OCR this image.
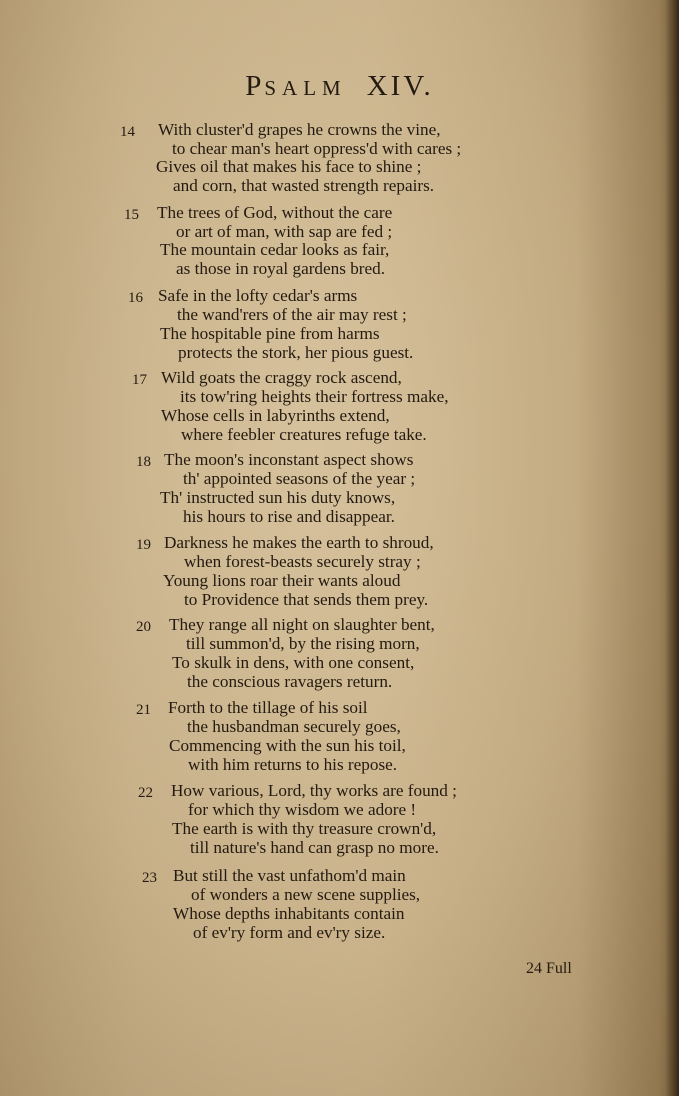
PSALM XIV.
14 With cluster'd grapes he crowns the vine,
to chear man's heart oppress'd with cares ;
Gives oil that makes his face to shine ;
and corn, that wasted strength repairs.
15 The trees of God, without the care
or art of man, with sap are fed ;
The mountain cedar looks as fair,
as those in royal gardens bred.
16 Safe in the lofty cedar's arms
the wand'rers of the air may rest ;
The hospitable pine from harms
protects the stork, her pious guest.
17 Wild goats the craggy rock ascend,
its tow'ring heights their fortress make,
Whose cells in labyrinths extend,
where feebler creatures refuge take.
18 The moon's inconstant aspect shows
th' appointed seasons of the year ;
Th' instructed sun his duty knows,
his hours to rise and disappear.
19 Darkness he makes the earth to shroud,
when forest-beasts securely stray ;
Young lions roar their wants aloud
to Providence that sends them prey.
20 They range all night on slaughter bent,
till summon'd, by the rising morn,
To skulk in dens, with one consent,
the conscious ravagers return.
21 Forth to the tillage of his soil
the husbandman securely goes,
Commencing with the sun his toil,
with him returns to his repose.
22 How various, Lord, thy works are found ;
for which thy wisdom we adore !
The earth is with thy treasure crown'd,
till nature's hand can grasp no more.
23 But still the vast unfathom'd main
of wonders a new scene supplies,
Whose depths inhabitants contain
of ev'ry form and ev'ry size.
24 Full
